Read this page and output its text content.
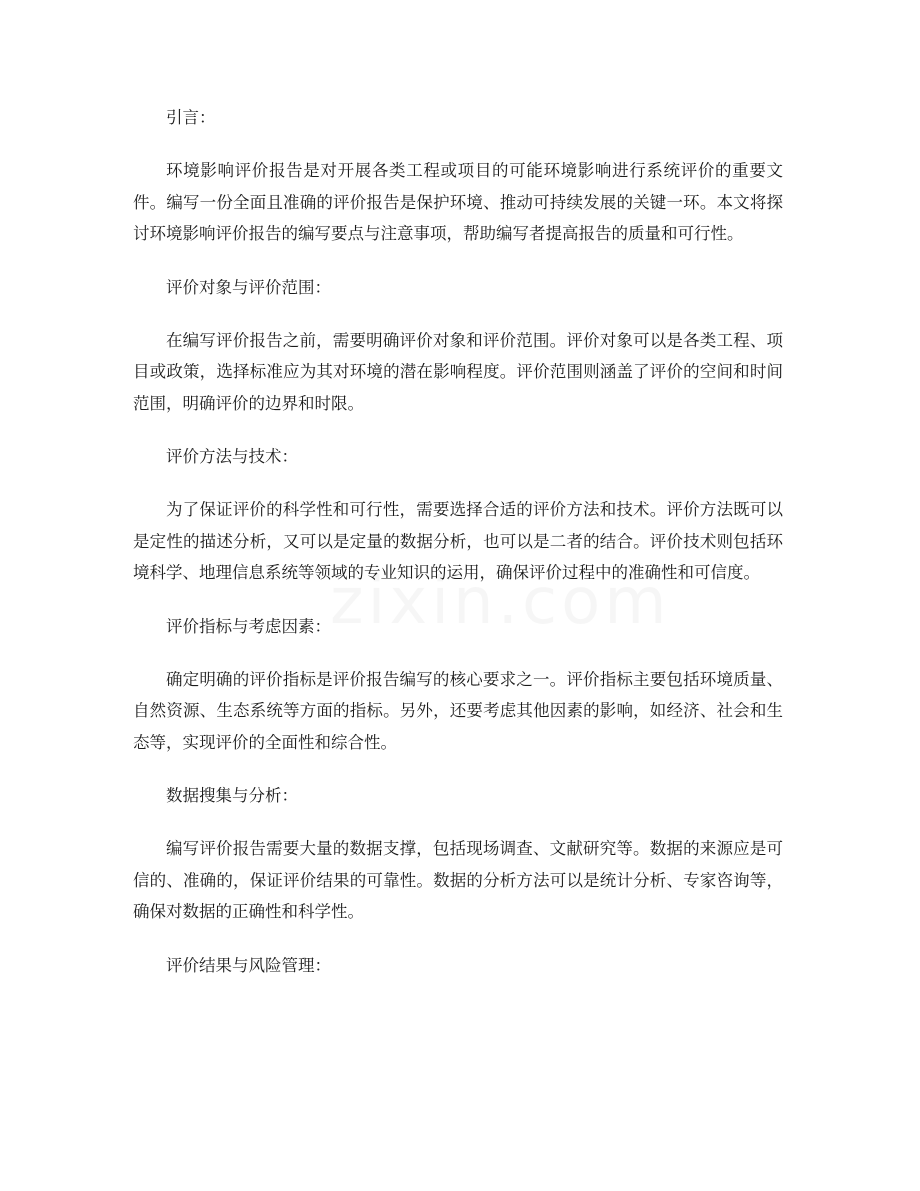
引言：

环境影响评价报告是对开展各类工程或项目的可能环境影响进行系统评价的重要文件。编写一份全面且准确的评价报告是保护环境、推动可持续发展的关键一环。本文将探讨环境影响评价报告的编写要点与注意事项，帮助编写者提高报告的质量和可行性。

评价对象与评价范围：

在编写评价报告之前，需要明确评价对象和评价范围。评价对象可以是各类工程、项目或政策，选择标准应为其对环境的潜在影响程度。评价范围则涵盖了评价的空间和时间范围，明确评价的边界和时限。

评价方法与技术：

为了保证评价的科学性和可行性，需要选择合适的评价方法和技术。评价方法既可以是定性的描述分析，又可以是定量的数据分析，也可以是二者的结合。评价技术则包括环境科学、地理信息系统等领域的专业知识的运用，确保评价过程中的准确性和可信度。

评价指标与考虑因素：

确定明确的评价指标是评价报告编写的核心要求之一。评价指标主要包括环境质量、自然资源、生态系统等方面的指标。另外，还要考虑其他因素的影响，如经济、社会和生态等，实现评价的全面性和综合性。

数据搜集与分析：

编写评价报告需要大量的数据支撑，包括现场调查、文献研究等。数据的来源应是可信的、准确的，保证评价结果的可靠性。数据的分析方法可以是统计分析、专家咨询等，确保对数据的正确性和科学性。

评价结果与风险管理：
